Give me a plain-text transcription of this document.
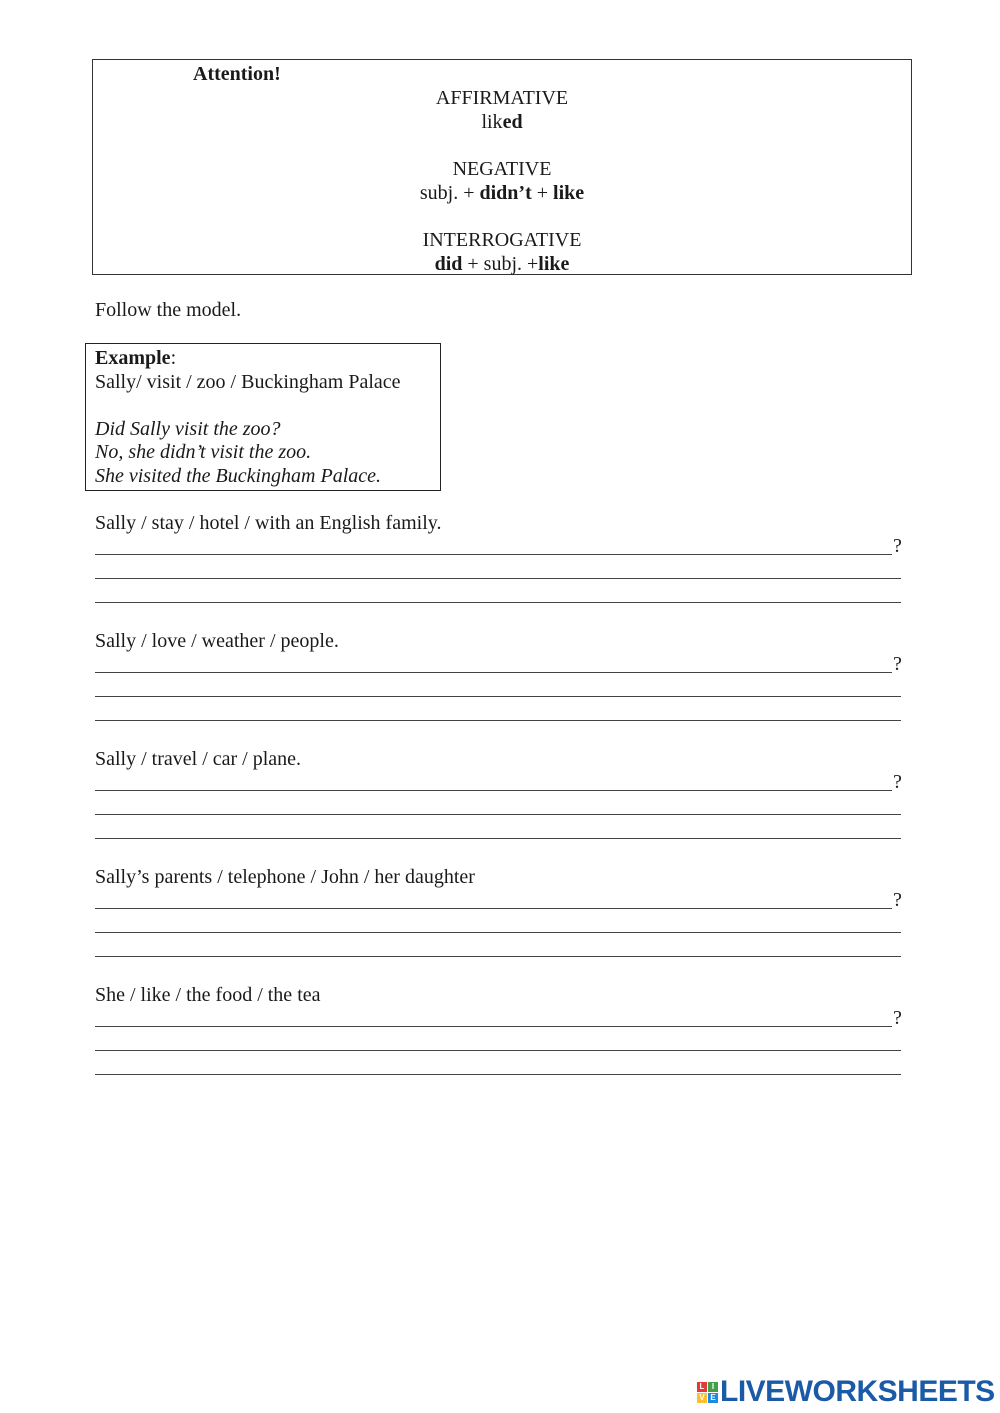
Attention!
AFFIRMATIVE
liked
NEGATIVE
subj. + didn’t + like
INTERROGATIVE
did + subj. +like
Follow the model.
Example:
Sally/ visit / zoo / Buckingham Palace
Did Sally visit the zoo?
No, she didn’t visit the zoo.
She visited the Buckingham Palace.
Sally / stay / hotel / with an English family.
?
Sally / love / weather / people.
?
Sally / travel / car / plane.
?
Sally’s parents / telephone / John / her daughter
?
She / like / the food / the tea
?
L I
V E LIVEWORKSHEETS
